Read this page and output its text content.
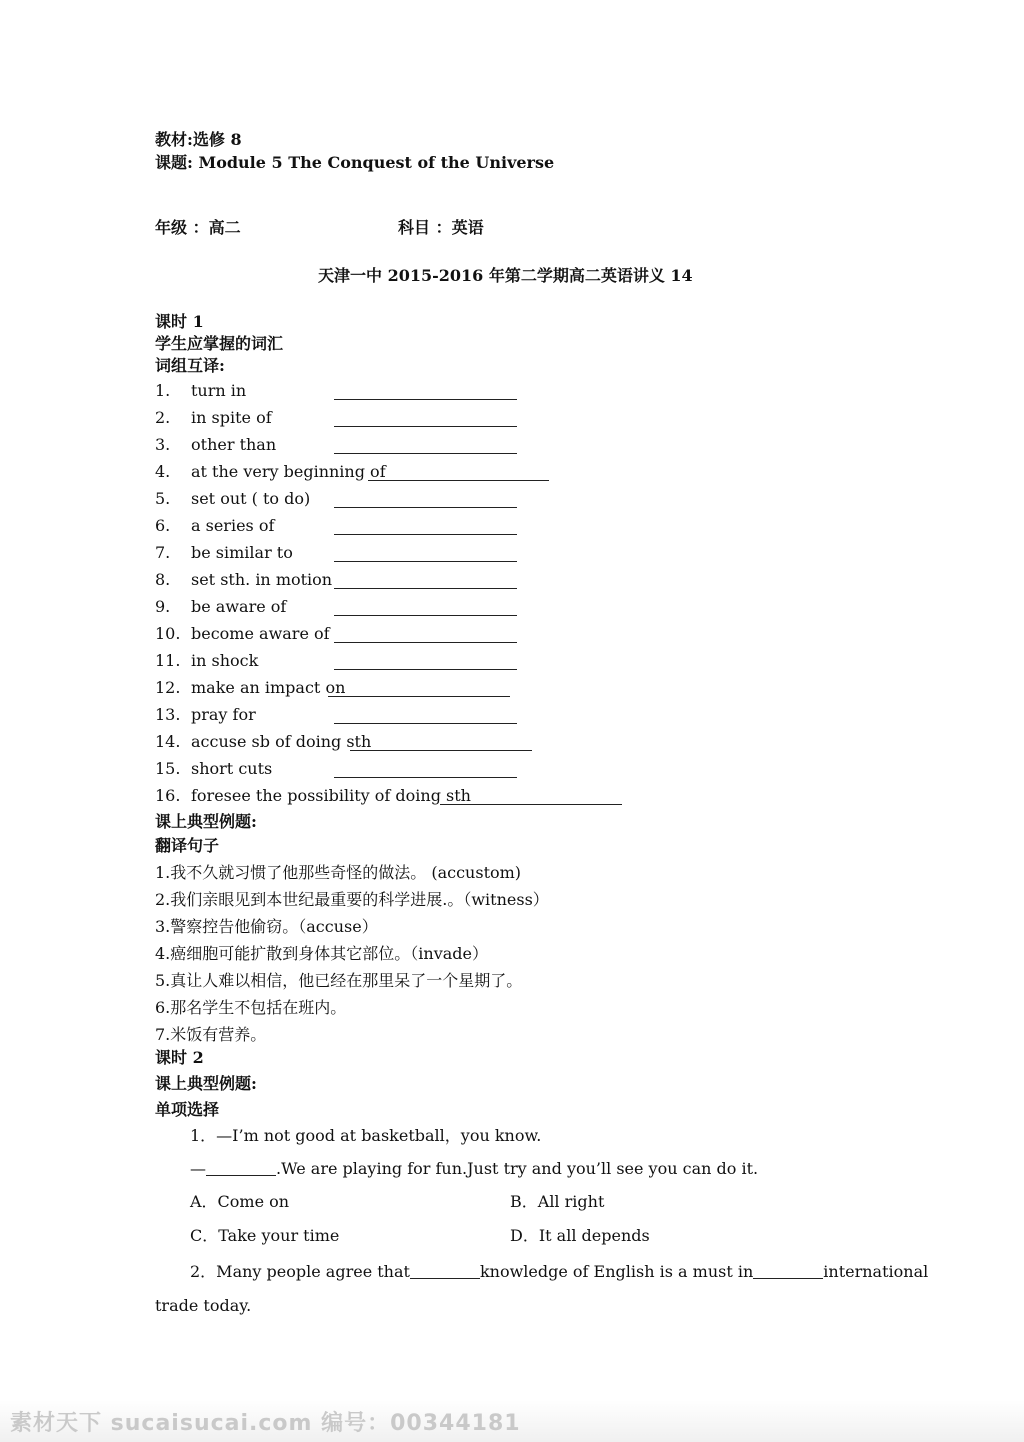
教材:选修 8
课题: Module 5 The Conquest of the Universe
年级 ：高二	科目 ：英语
天津一中 2015-2016 年第二学期高二英语讲义 14
课时 1
学生应掌握的词汇
词组互译:
1. turn in
2. in spite of
3. other than
4. at the very beginning of
5. set out ( to do)
6. a series of
7. be similar to
8. set sth. in motion
9. be aware of
10. become aware of
11. in shock
12. make an impact on
13. pray for
14. accuse sb of doing sth
15. short cuts
16. foresee the possibility of doing sth
课上典型例题:
翻译句子
1.我不久就习惯了他那些奇怪的做法。 (accustom)
2.我们亲眼见到本世纪最重要的科学进展.。（witness）
3.警察控告他偷窃。（accuse）
4.癌细胞可能扩散到身体其它部位。（invade）
5.真让人难以相信，他已经在那里呆了一个星期了。
6.那名学生不包括在班内。
7.米饭有营养。
课时 2
课上典型例题:
单项选择
1．—I’m not good at basketball，you know.
—	.We are playing for fun.Just try and you’ll see you can do it.
A．Come on	B．All right
C．Take your time	D．It all depends
2．Many people agree that	knowledge of English is a must in	international
trade today.
素材天下 sucaisucai.com 编号：00344181
